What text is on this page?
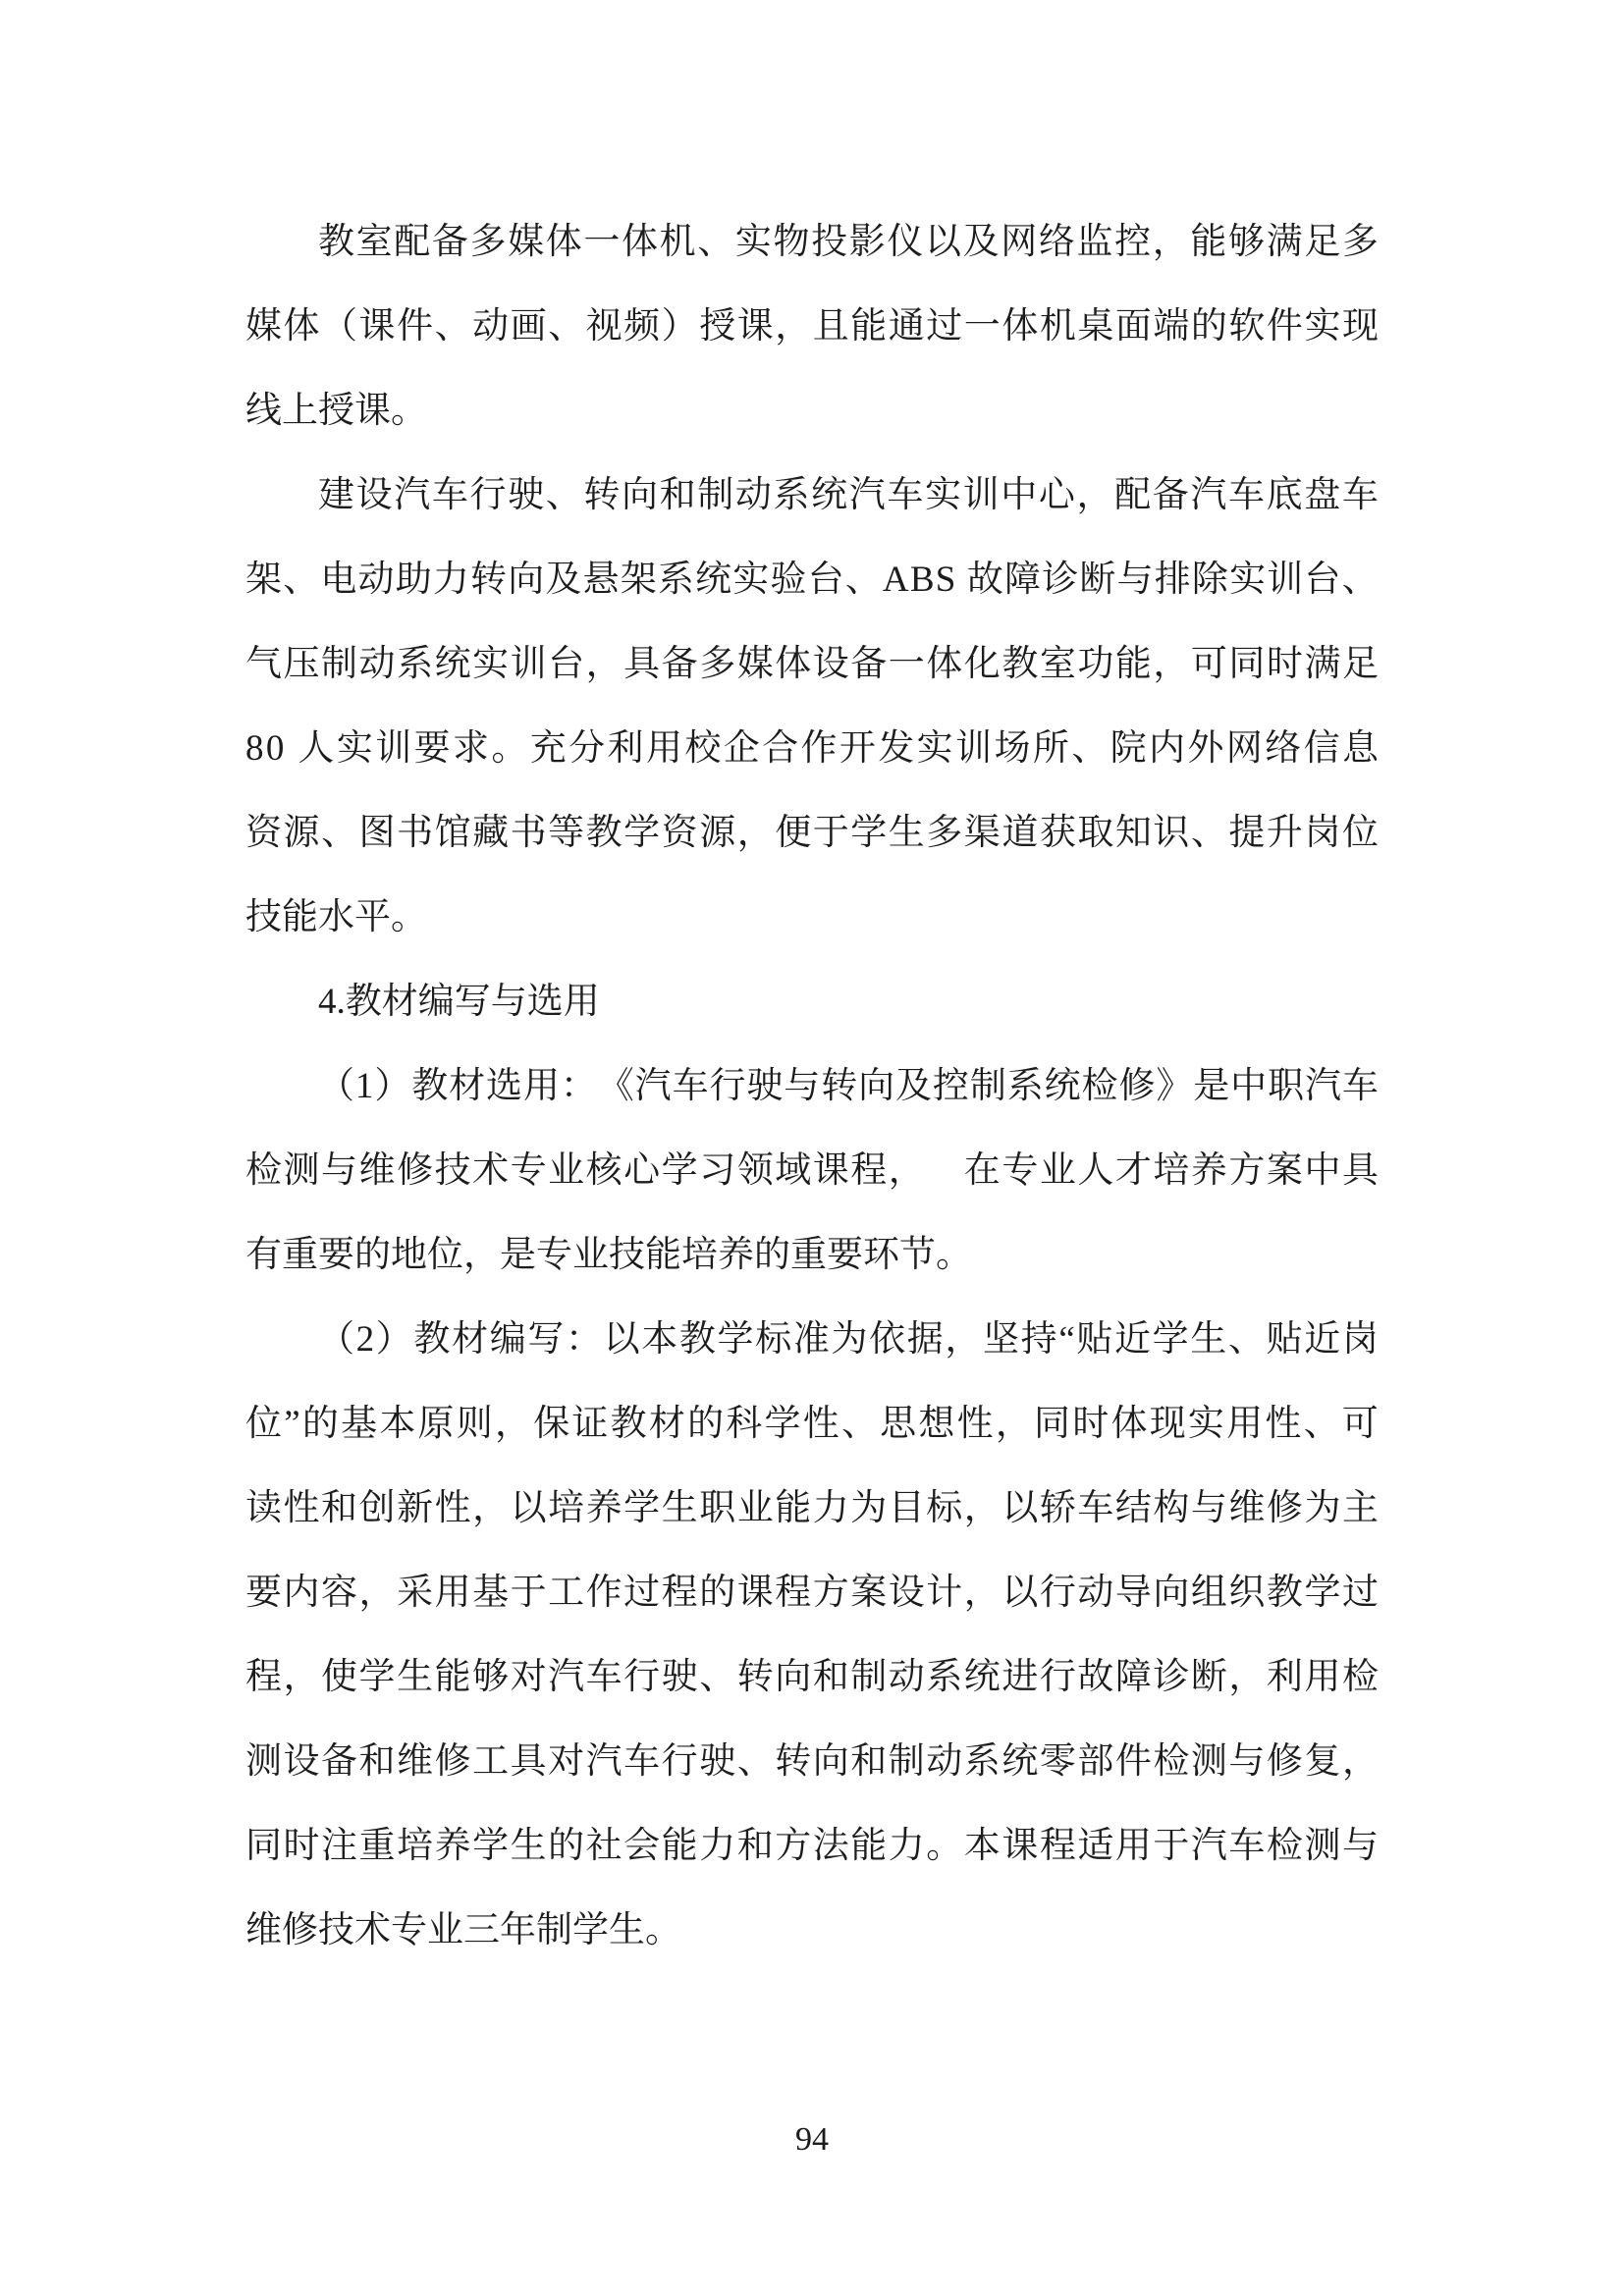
教 室 配 备 多 媒 体 一 体 机 、 实 物 投 影 仪 以 及 网 络 监 控 ， 能 够 满 足 多
媒 体 （ 课 件 、 动 画 、 视 频 ） 授 课 ， 且 能 通 过 一 体 机 桌 面 端 的 软 件 实 现
线上授课。
建 设 汽 车 行 驶 、 转 向 和 制 动 系 统 汽 车 实 训 中 心 ， 配 备 汽 车 底 盘 车
架 、 电 动 助 力 转 向 及 悬 架 系 统 实 验 台 、 A B S
故 障 诊 断 与 排 除 实 训 台 、
气 压 制 动 系 统 实 训 台 ， 具 备 多 媒 体 设 备 一 体 化 教 室 功 能 ， 可 同 时 满 足
8 0
人 实 训 要 求 。 充 分 利 用 校 企 合 作 开 发 实 训 场 所 、 院 内 外 网 络 信 息
资 源 、 图 书 馆 藏 书 等 教 学 资 源 ， 便 于 学 生 多 渠 道 获 取 知 识 、 提 升 岗 位
技能水平。
4.教材编写与选用
（ 1 ） 教 材 选 用 ： 《 汽 车 行 驶 与 转 向 及 控 制 系 统 检 修 》 是 中 职 汽 车
检 测 与 维 修 技 术 专 业 核 心 学 习 领 域 课 程 ，
　 在 专 业 人 才 培 养 方 案 中 具
有重要的地位，是专业技能培养的重要环节。
（ 2 ） 教 材 编 写 ： 以 本 教 学 标 准 为 依 据 ， 坚 持 “ 贴 近 学 生 、 贴 近 岗
位 ” 的 基 本 原 则 ， 保 证 教 材 的 科 学 性 、 思 想 性 ， 同 时 体 现 实 用 性 、 可
读 性 和 创 新 性 ， 以 培 养 学 生 职 业 能 力 为 目 标 ， 以 轿 车 结 构 与 维 修 为 主
要 内 容 ， 采 用 基 于 工 作 过 程 的 课 程 方 案 设 计 ， 以 行 动 导 向 组 织 教 学 过
程 ， 使 学 生 能 够 对 汽 车 行 驶 、 转 向 和 制 动 系 统 进 行 故 障 诊 断 ， 利 用 检
测 设 备 和 维 修 工 具 对 汽 车 行 驶 、 转 向 和 制 动 系 统 零 部 件 检 测 与 修 复 ，
同 时 注 重 培 养 学 生 的 社 会 能 力 和 方 法 能 力 。 本 课 程 适 用 于 汽 车 检 测 与
维修技术专业三年制学生。
94
